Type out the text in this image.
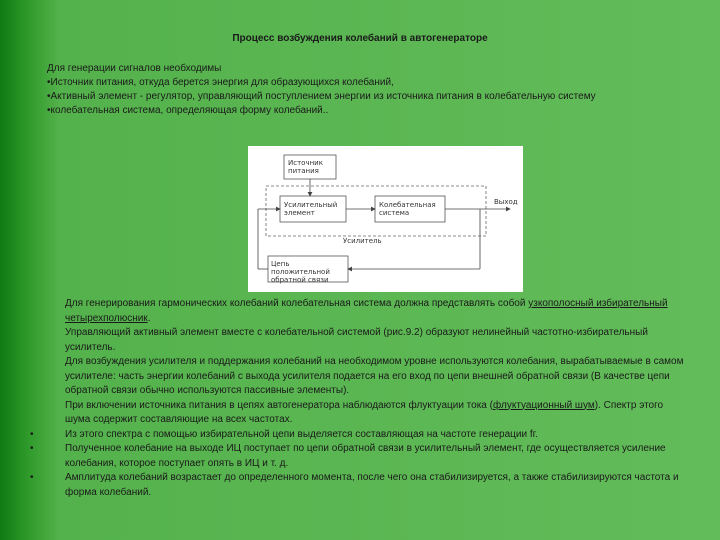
Процесс возбуждения колебаний в автогенераторе
Для генерации сигналов необходимы
•Источник питания, откуда берется энергия для образующихся колебаний,
•Активный элемент - регулятор, управляющий поступлением энергии из источника питания в колебательную систему
•колебательная система, определяющая форму колебаний..
Источник питания
Усилительный элемент
Колебательная система
Выход
Усилитель
Цепь положительной обратной связи
Для генерирования гармонических колебаний колебательная система должна представлять собой узкополосный избирательный четырехполюсник.
Управляющий активный элемент вместе с колебательной системой (рис.9.2) образуют нелинейный частотно-избирательный усилитель.
Для возбуждения усилителя и поддержания колебаний на необходимом уровне используются колебания, вырабатываемые в самом усилителе: часть энергии колебаний с выхода усилителя подается на его вход по цепи внешней обратной связи (В качестве цепи обратной связи обычно используются пассивные элементы).
При включении источника питания в цепях автогенератора наблюдаются флуктуации тока (флуктуационный шум). Спектр этого шума содержит составляющие на всех частотах.
•	Из этого спектра с помощью избирательной цепи выделяется составляющая на частоте генерации fг.
•	Полученное колебание на выходе ИЦ поступает по цепи обратной связи в усилительный элемент, где осуществляется усиление колебания, которое поступает опять в ИЦ и т. д.
•	Амплитуда колебаний возрастает до определенного момента, после чего она стабилизируется, а также стабилизируются частота и форма колебаний.
